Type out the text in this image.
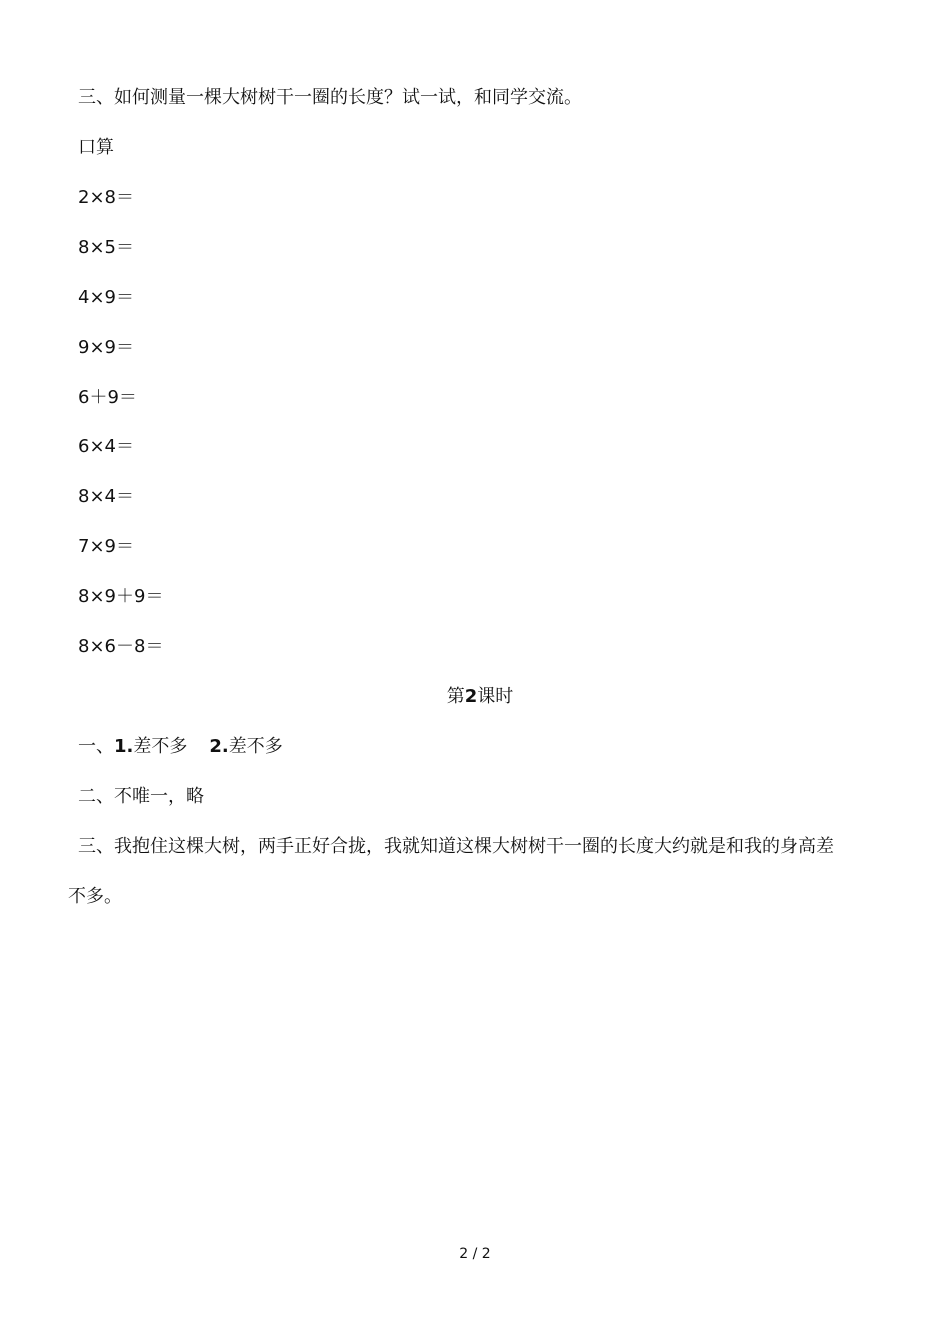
三、如何测量一棵大树树干一圈的长度？试一试，和同学交流。
口算
2×8＝
8×5＝
4×9＝
9×9＝
6＋9＝
6×4＝
8×4＝
7×9＝
8×9＋9＝
8×6－8＝
第2课时
一、1.差不多 2.差不多
二、不唯一，略
三、我抱住这棵大树，两手正好合拢，我就知道这棵大树树干一圈的长度大约就是和我的身高差
不多。
2 / 2
